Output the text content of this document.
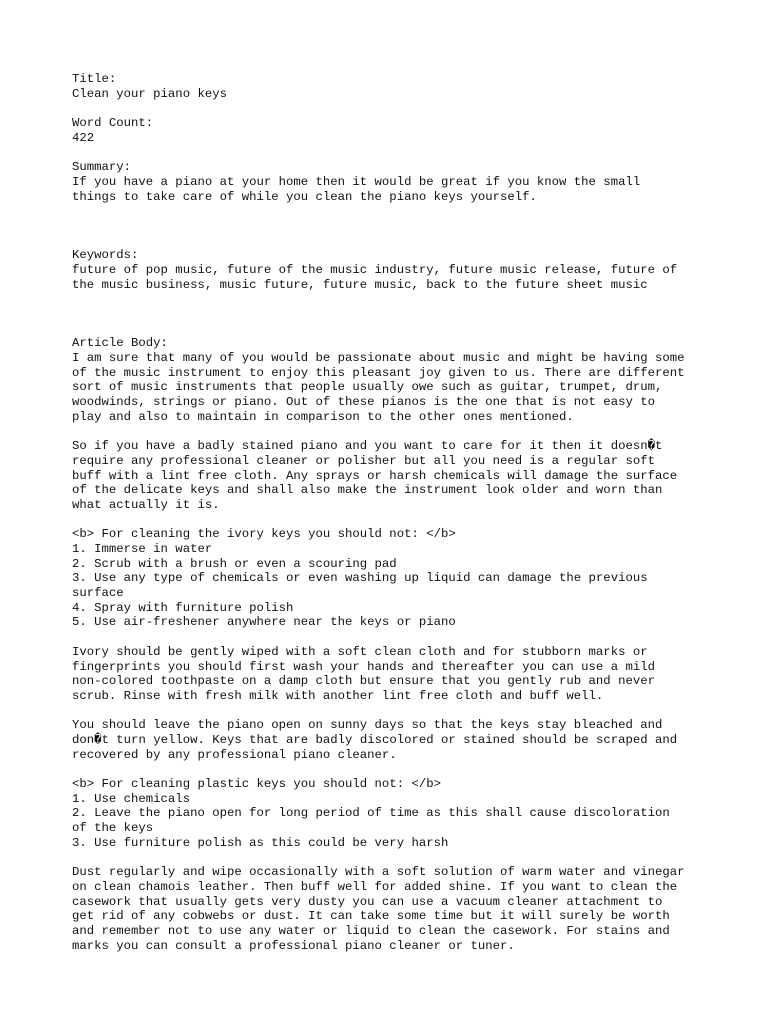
Title:
Clean your piano keys
Word Count:
422
Summary:
If you have a piano at your home then it would be great if you know the small
things to take care of while you clean the piano keys yourself.
Keywords:
future of pop music, future of the music industry, future music release, future of
the music business, music future, future music, back to the future sheet music
Article Body:
I am sure that many of you would be passionate about music and might be having some
of the music instrument to enjoy this pleasant joy given to us. There are different
sort of music instruments that people usually owe such as guitar, trumpet, drum,
woodwinds, strings or piano. Out of these pianos is the one that is not easy to
play and also to maintain in comparison to the other ones mentioned.
So if you have a badly stained piano and you want to care for it then it doesn�t
require any professional cleaner or polisher but all you need is a regular soft
buff with a lint free cloth. Any sprays or harsh chemicals will damage the surface
of the delicate keys and shall also make the instrument look older and worn than
what actually it is.
<b> For cleaning the ivory keys you should not: </b>
1. Immerse in water
2. Scrub with a brush or even a scouring pad
3. Use any type of chemicals or even washing up liquid can damage the previous
surface
4. Spray with furniture polish
5. Use air-freshener anywhere near the keys or piano
Ivory should be gently wiped with a soft clean cloth and for stubborn marks or
fingerprints you should first wash your hands and thereafter you can use a mild
non-colored toothpaste on a damp cloth but ensure that you gently rub and never
scrub. Rinse with fresh milk with another lint free cloth and buff well.
You should leave the piano open on sunny days so that the keys stay bleached and
don�t turn yellow. Keys that are badly discolored or stained should be scraped and
recovered by any professional piano cleaner.
<b> For cleaning plastic keys you should not: </b>
1. Use chemicals
2. Leave the piano open for long period of time as this shall cause discoloration
of the keys
3. Use furniture polish as this could be very harsh
Dust regularly and wipe occasionally with a soft solution of warm water and vinegar
on clean chamois leather. Then buff well for added shine. If you want to clean the
casework that usually gets very dusty you can use a vacuum cleaner attachment to
get rid of any cobwebs or dust. It can take some time but it will surely be worth
and remember not to use any water or liquid to clean the casework. For stains and
marks you can consult a professional piano cleaner or tuner.
